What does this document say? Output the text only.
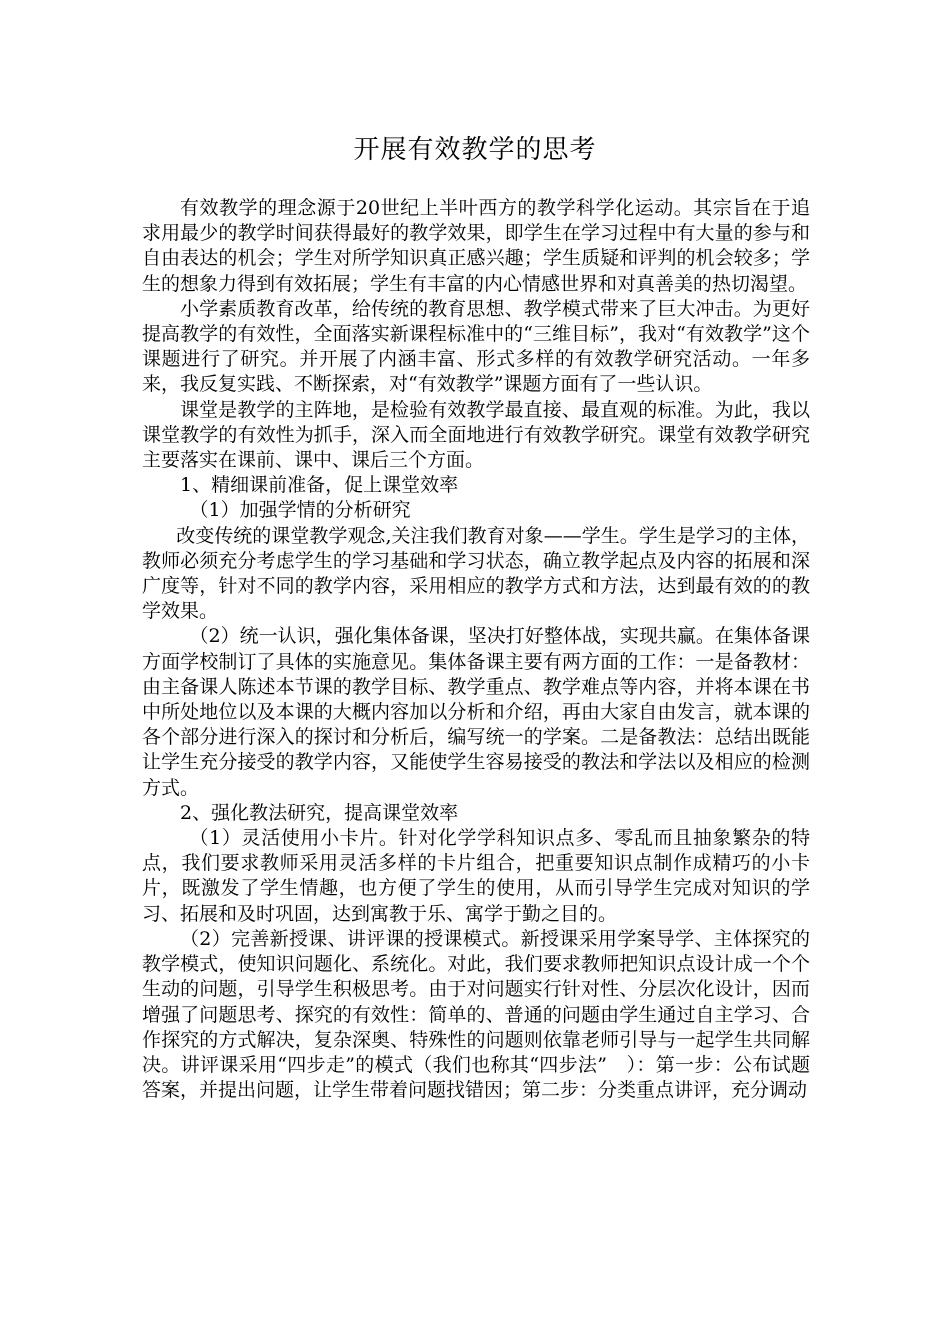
开展有效教学的思考

有效教学的理念源于20世纪上半叶西方的教学科学化运动。其宗旨在于追求用最少的教学时间获得最好的教学效果，即学生在学习过程中有大量的参与和自由表达的机会；学生对所学知识真正感兴趣；学生质疑和评判的机会较多；学生的想象力得到有效拓展；学生有丰富的内心情感世界和对真善美的热切渴望。

小学素质教育改革，给传统的教育思想、教学模式带来了巨大冲击。为更好提高教学的有效性，全面落实新课程标准中的“三维目标”，我对“有效教学”这个课题进行了研究。并开展了内涵丰富、形式多样的有效教学研究活动。一年多来，我反复实践、不断探索，对“有效教学”课题方面有了一些认识。

课堂是教学的主阵地，是检验有效教学最直接、最直观的标准。为此，我以课堂教学的有效性为抓手，深入而全面地进行有效教学研究。课堂有效教学研究主要落实在课前、课中、课后三个方面。

1、精细课前准备，促上课堂效率

（1）加强学情的分析研究

改变传统的课堂教学观念,关注我们教育对象——学生。学生是学习的主体，教师必须充分考虑学生的学习基础和学习状态，确立教学起点及内容的拓展和深广度等，针对不同的教学内容，采用相应的教学方式和方法，达到最有效的的教学效果。

（2）统一认识，强化集体备课，坚决打好整体战，实现共赢。在集体备课方面学校制订了具体的实施意见。集体备课主要有两方面的工作：一是备教材：由主备课人陈述本节课的教学目标、教学重点、教学难点等内容，并将本课在书中所处地位以及本课的大概内容加以分析和介绍，再由大家自由发言，就本课的各个部分进行深入的探讨和分析后，编写统一的学案。二是备教法：总结出既能让学生充分接受的教学内容，又能使学生容易接受的教法和学法以及相应的检测方式。

2、强化教法研究，提高课堂效率

（1）灵活使用小卡片。针对化学学科知识点多、零乱而且抽象繁杂的特点，我们要求教师采用灵活多样的卡片组合，把重要知识点制作成精巧的小卡片，既激发了学生情趣，也方便了学生的使用，从而引导学生完成对知识的学习、拓展和及时巩固，达到寓教于乐、寓学于勤之目的。

（2）完善新授课、讲评课的授课模式。新授课采用学案导学、主体探究的教学模式，使知识问题化、系统化。对此，我们要求教师把知识点设计成一个个生动的问题，引导学生积极思考。由于对问题实行针对性、分层次化设计，因而增强了问题思考、探究的有效性：简单的、普通的问题由学生通过自主学习、合作探究的方式解决，复杂深奥、特殊性的问题则依靠老师引导与一起学生共同解决。讲评课采用“四步走”的模式（我们也称其“四步法”　）：第一步：公布试题答案，并提出问题，让学生带着问题找错因；第二步：分类重点讲评，充分调动
